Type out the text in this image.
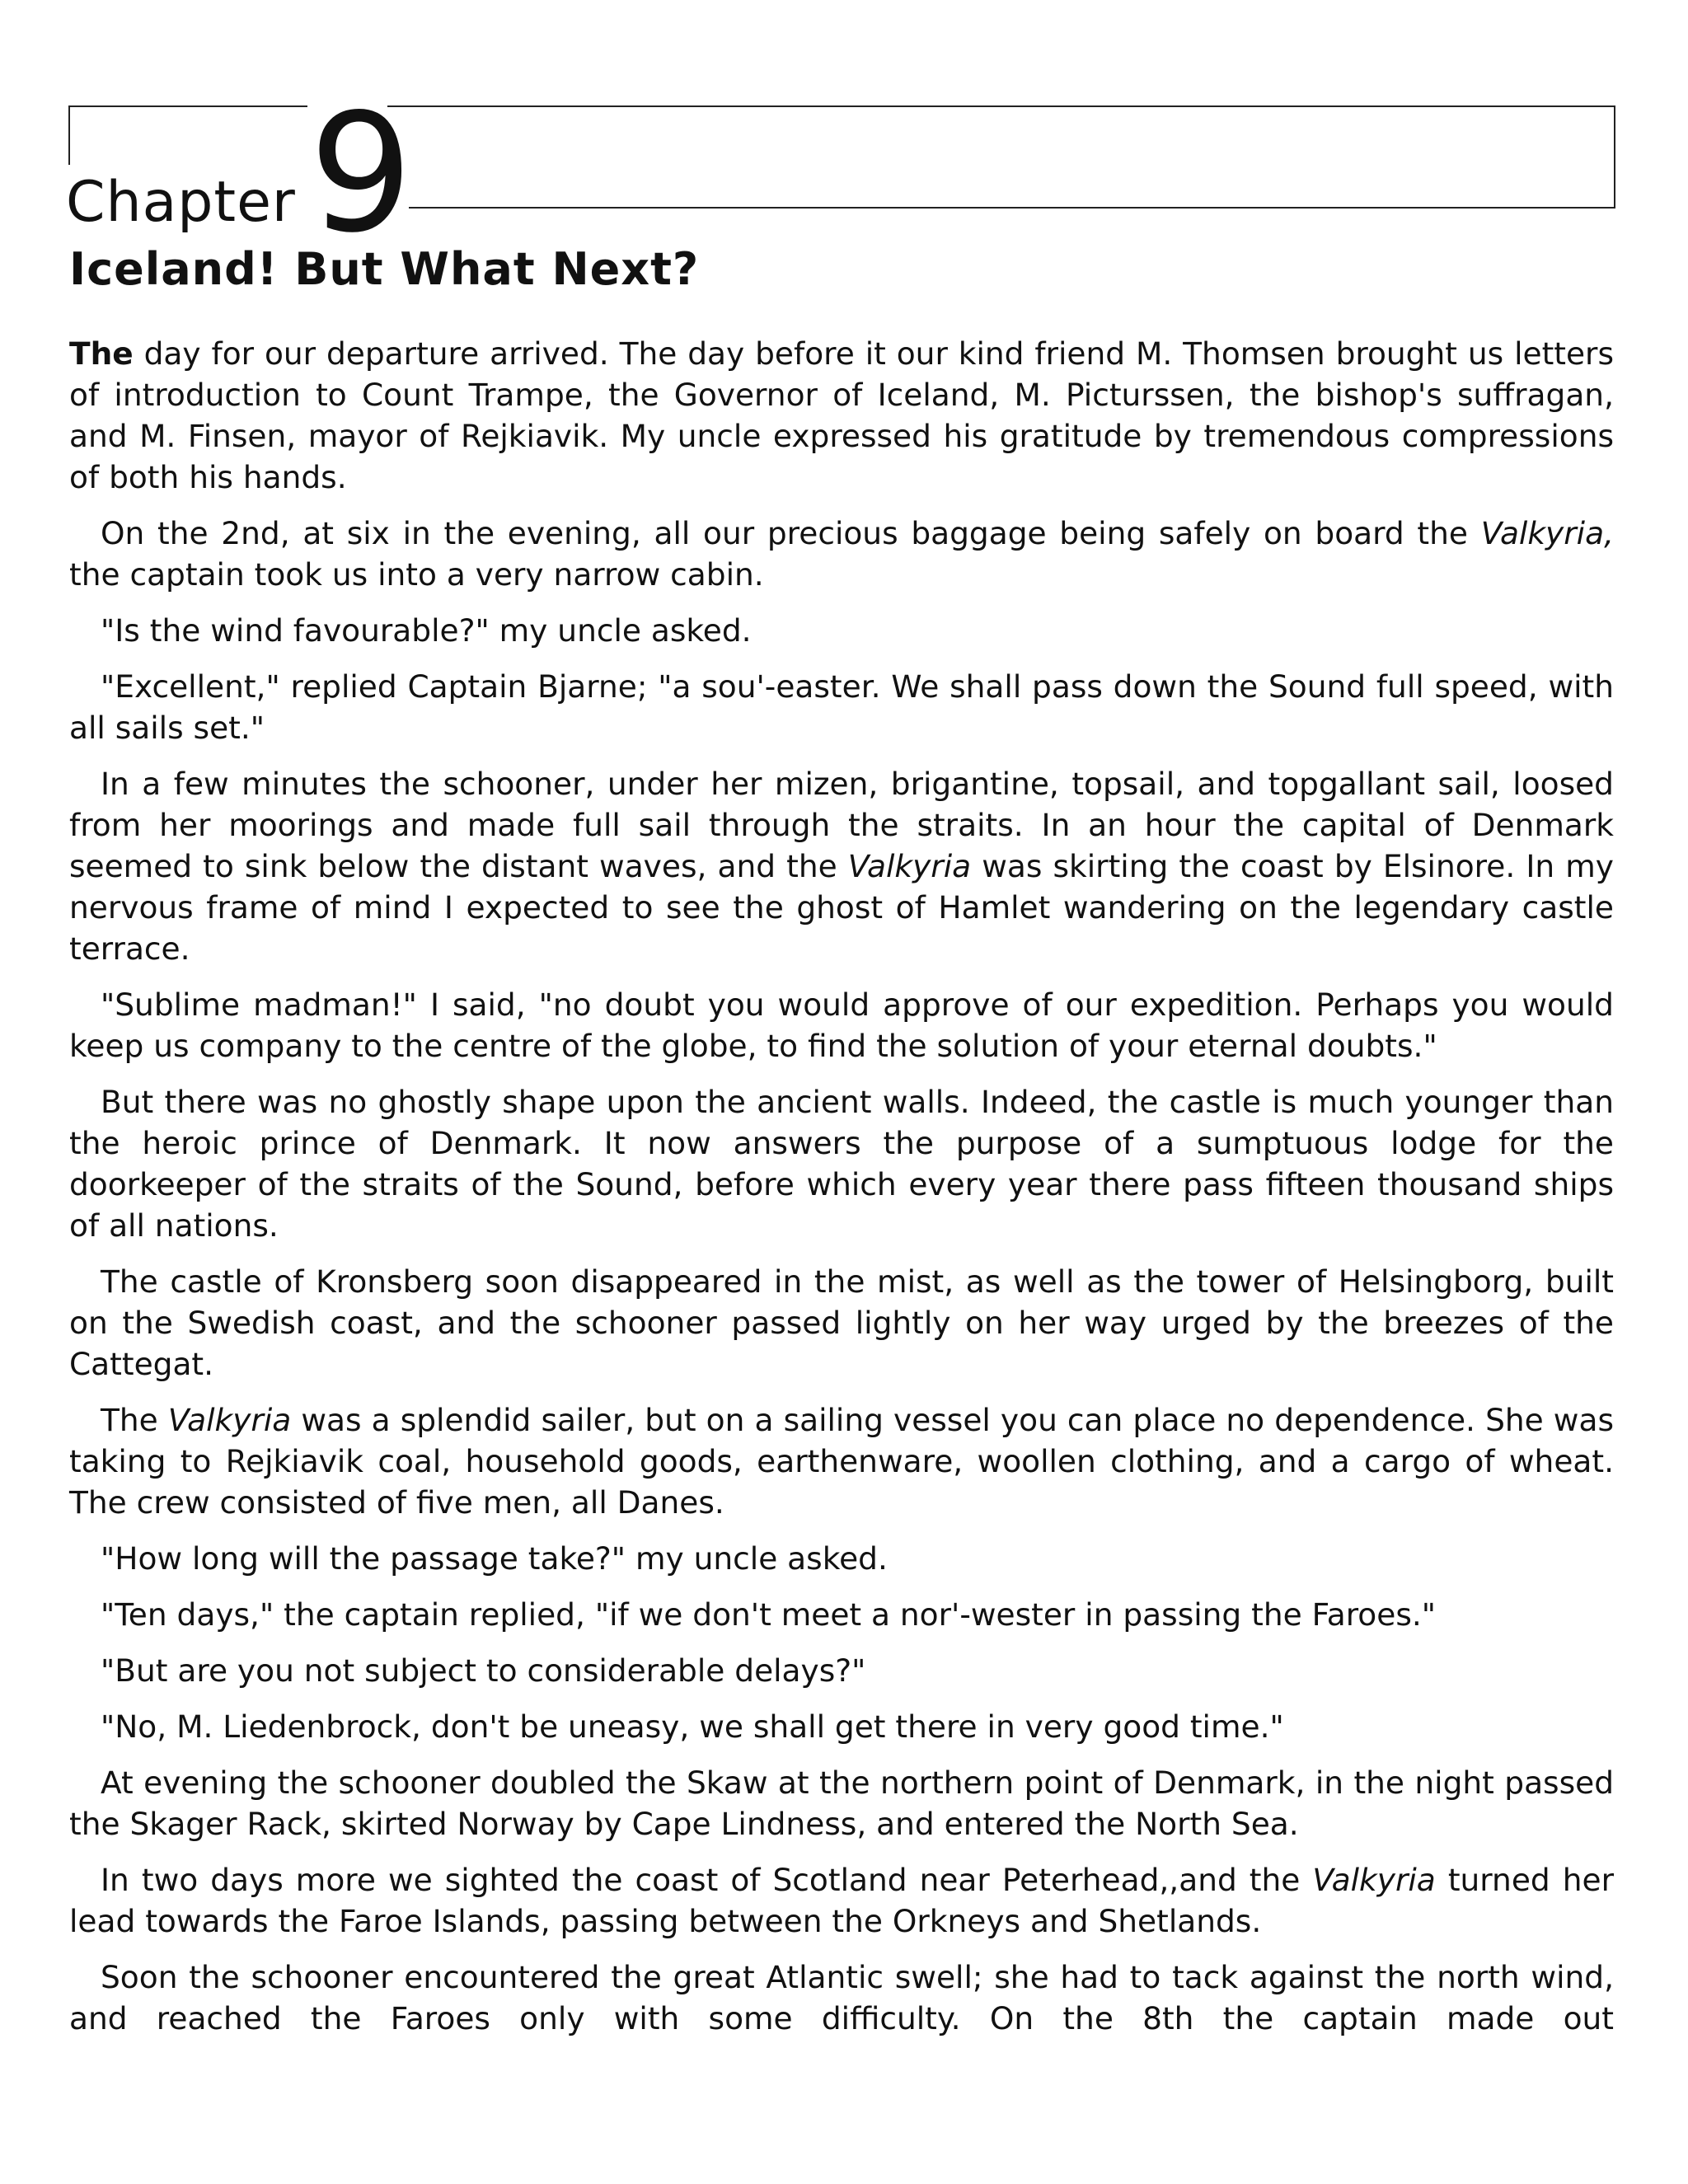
Chapter 9
Iceland! But What Next?

The day for our departure arrived. The day before it our kind friend M. Thomsen brought us letters of introduction to Count Trampe, the Governor of Iceland, M. Picturssen, the bishop's suffragan, and M. Finsen, mayor of Rejkiavik. My uncle expressed his gratitude by tremendous compressions of both his hands.

On the 2nd, at six in the evening, all our precious baggage being safely on board the Valkyria, the captain took us into a very narrow cabin.

"Is the wind favourable?" my uncle asked.

"Excellent," replied Captain Bjarne; "a sou'-easter. We shall pass down the Sound full speed, with all sails set."

In a few minutes the schooner, under her mizen, brigantine, topsail, and topgallant sail, loosed from her moorings and made full sail through the straits. In an hour the capital of Denmark seemed to sink below the distant waves, and the Valkyria was skirting the coast by Elsinore. In my nervous frame of mind I expected to see the ghost of Hamlet wandering on the legendary castle terrace.

"Sublime madman!" I said, "no doubt you would approve of our expedition. Perhaps you would keep us company to the centre of the globe, to find the solution of your eternal doubts."

But there was no ghostly shape upon the ancient walls. Indeed, the castle is much younger than the heroic prince of Denmark. It now answers the purpose of a sumptuous lodge for the doorkeeper of the straits of the Sound, before which every year there pass fifteen thousand ships of all nations.

The castle of Kronsberg soon disappeared in the mist, as well as the tower of Helsingborg, built on the Swedish coast, and the schooner passed lightly on her way urged by the breezes of the Cattegat.

The Valkyria was a splendid sailer, but on a sailing vessel you can place no dependence. She was taking to Rejkiavik coal, household goods, earthenware, woollen clothing, and a cargo of wheat. The crew consisted of five men, all Danes.

"How long will the passage take?" my uncle asked.

"Ten days," the captain replied, "if we don't meet a nor'-wester in passing the Faroes."

"But are you not subject to considerable delays?"

"No, M. Liedenbrock, don't be uneasy, we shall get there in very good time."

At evening the schooner doubled the Skaw at the northern point of Denmark, in the night passed the Skager Rack, skirted Norway by Cape Lindness, and entered the North Sea.

In two days more we sighted the coast of Scotland near Peterhead,,and the Valkyria turned her lead towards the Faroe Islands, passing between the Orkneys and Shetlands.

Soon the schooner encountered the great Atlantic swell; she had to tack against the north wind, and reached the Faroes only with some difficulty. On the 8th the captain made out
